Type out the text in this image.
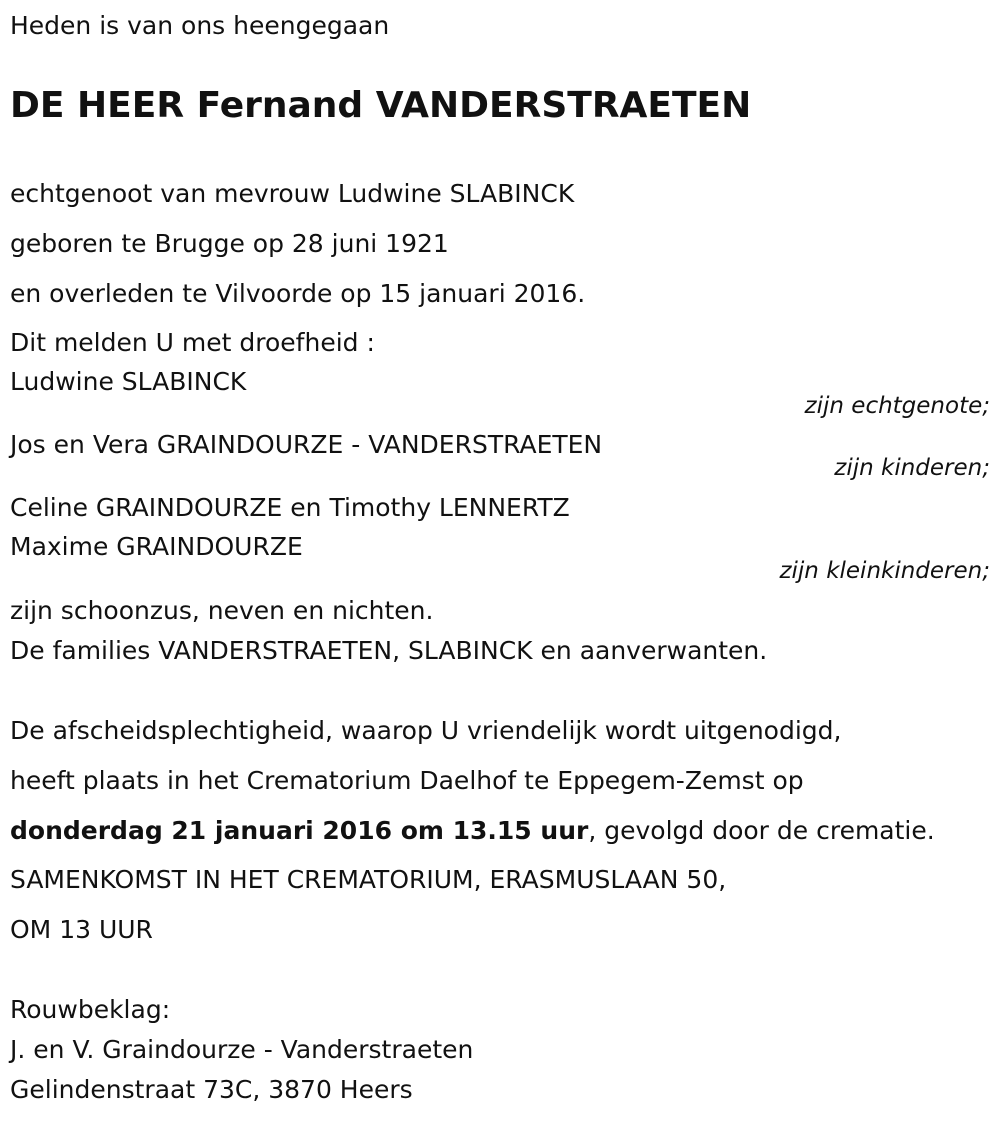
Heden is van ons heengegaan

DE HEER Fernand VANDERSTRAETEN

echtgenoot van mevrouw Ludwine SLABINCK

geboren te Brugge op 28 juni 1921

en overleden te Vilvoorde op 15 januari 2016.

Dit melden U met droefheid :

Ludwine SLABINCK

zijn echtgenote;

Jos en Vera GRAINDOURZE - VANDERSTRAETEN

zijn kinderen;

Celine GRAINDOURZE en Timothy LENNERTZ

Maxime GRAINDOURZE

zijn kleinkinderen;

zijn schoonzus, neven en nichten.

De families VANDERSTRAETEN, SLABINCK en aanverwanten.

De afscheidsplechtigheid, waarop U vriendelijk wordt uitgenodigd,

heeft plaats in het Crematorium Daelhof te Eppegem-Zemst op

donderdag 21 januari 2016 om 13.15 uur, gevolgd door de crematie.

SAMENKOMST IN HET CREMATORIUM, ERASMUSLAAN 50,

OM 13 UUR

Rouwbeklag:

J. en V. Graindourze - Vanderstraeten

Gelindenstraat 73C, 3870 Heers
